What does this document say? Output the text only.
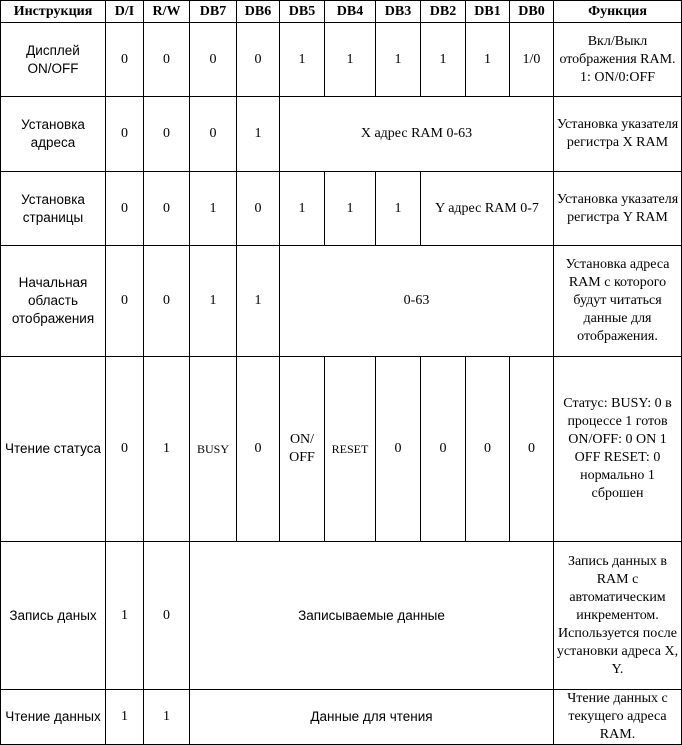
Инструкция	D/I	R/W	DB7	DB6	DB5	DB4	DB3	DB2	DB1	DB0	Функция
Дисплей ON/OFF	0	0	0	0	1	1	1	1	1	1/0	Вкл/Выкл отображения RAM. 1: ON/0:OFF
Установка адреса	0	0	0	1	X адрес RAM 0-63						Установка указателя регистра X RAM
Установка страницы	0	0	1	0	1	1	1	Y адрес RAM 0-7			Установка указателя регистра Y RAM
Начальная область отображения	0	0	1	1	0-63						Установка адреса RAM с которого будут читаться данные для отображения.
Чтение статуса	0	1	BUSY	0	ON/ OFF	RESET	0	0	0	0	Статус: BUSY: 0 в процессе 1 готов ON/OFF: 0 ON 1 OFF RESET: 0 нормально 1 сброшен
Запись даных	1	0	Записываемые данные								Запись данных в RAM с автоматическим инкрементом. Используется после установки адреса X, Y.
Чтение данных	1	1	Данные для чтения								Чтение данных с текущего адреса RAM.
